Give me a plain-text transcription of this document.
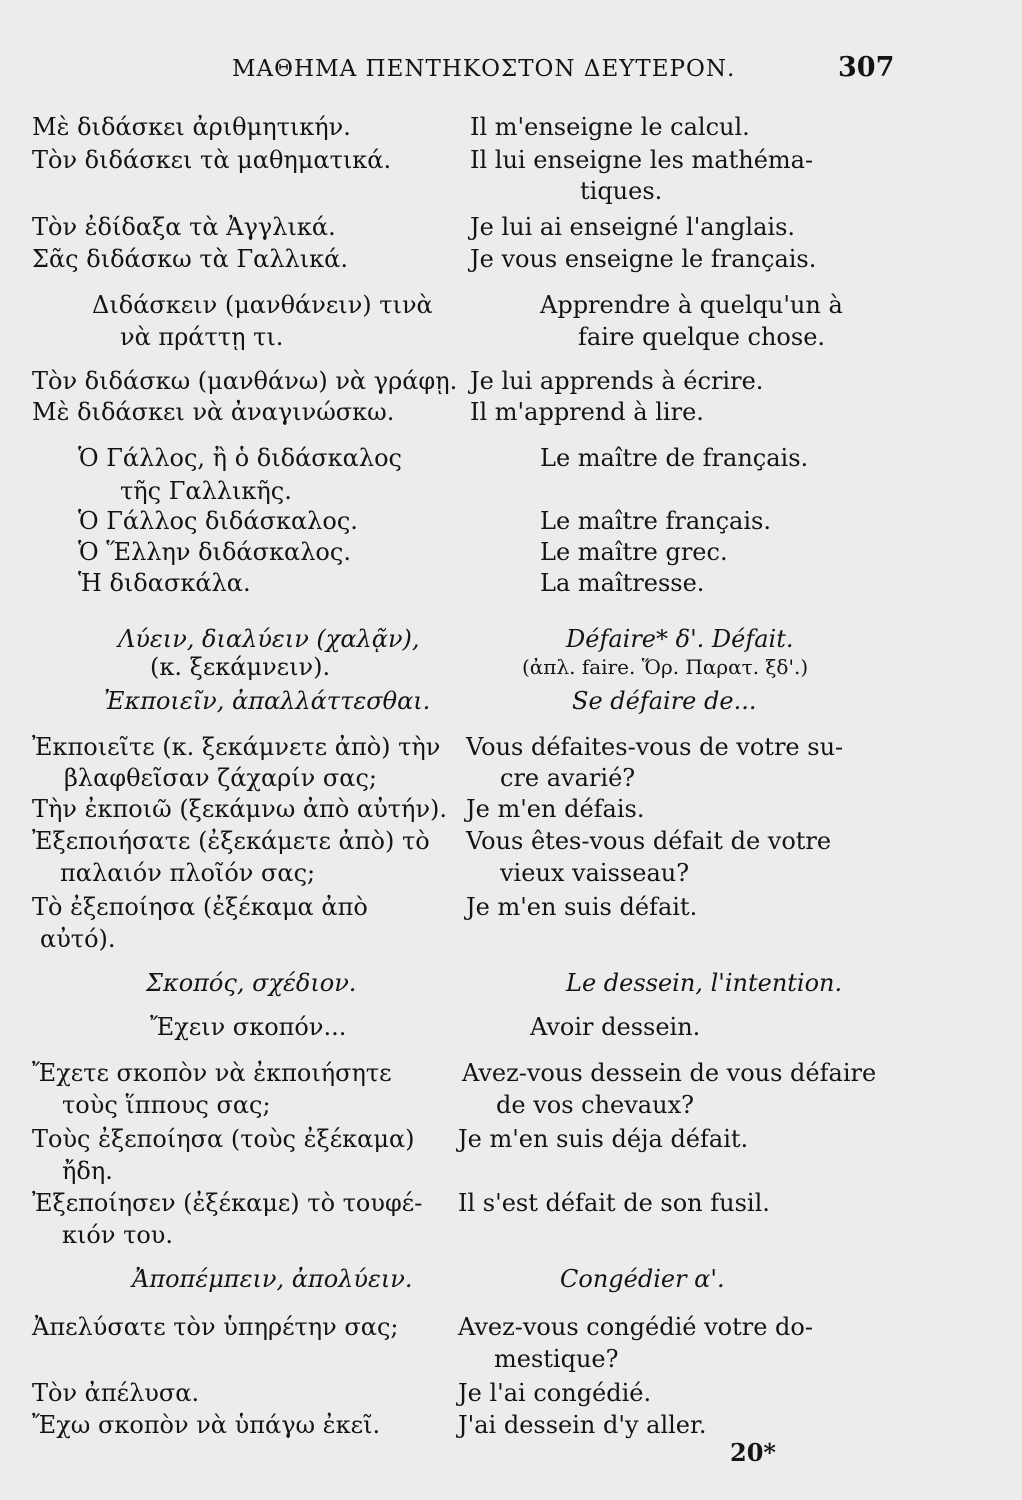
ΜΑΘΗΜΑ ΠΕΝΤΗΚΟΣΤΟΝ ΔΕΥΤΕΡΟΝ.	307
Μὲ διδάσκει ἀριθμητικήν.	Il m'enseigne le calcul.
Τὸν διδάσκει τὰ μαθηματικά.	Il lui enseigne les mathéma-
tiques.
Τὸν ἐδίδαξα τὰ Ἀγγλικά.	Je lui ai enseigné l'anglais.
Σᾶς διδάσκω τὰ Γαλλικά.	Je vous enseigne le français.
Διδάσκειν (μανθάνειν) τινὰ	Apprendre à quelqu'un à
νὰ πράττῃ τι.	faire quelque chose.
Τὸν διδάσκω (μανθάνω) νὰ γράφῃ. Je lui apprends à écrire.
Μὲ διδάσκει νὰ ἀναγινώσκω.	Il m'apprend à lire.
Ὁ Γάλλος, ἢ ὁ διδάσκαλος	Le maître de français.
τῆς Γαλλικῆς.
Ὁ Γάλλος διδάσκαλος.	Le maître français.
Ὁ Ἕλλην διδάσκαλος.	Le maître grec.
Ἡ διδασκάλα.	La maîtresse.
Λύειν, διαλύειν (χαλᾷν),	Défaire* δ'. Défait.
(κ. ξεκάμνειν).	(ἀπλ. faire. Ὅρ. Παρατ. ξδ'.)
Ἐκποιεῖν, ἀπαλλάττεσθαι.	Se défaire de...
Ἐκποιεῖτε (κ. ξεκάμνετε ἀπὸ) τὴν	Vous défaites-vous de votre su-
βλαφθεῖσαν ζάχαρίν σας;	cre avarié?
Τὴν ἐκποιῶ (ξεκάμνω ἀπὸ αὐτήν). Je m'en défais.
Ἐξεποιήσατε (ἐξεκάμετε ἀπὸ) τὸ	Vous êtes-vous défait de votre
παλαιόν πλοῖόν σας;	vieux vaisseau?
Τὸ ἐξεποίησα (ἐξέκαμα ἀπὸ	Je m'en suis défait.
αὐτό).
Σκοπός, σχέδιον.	Le dessein, l'intention.
Ἔχειν σκοπόν...	Avoir dessein.
Ἔχετε σκοπὸν νὰ ἐκποιήσητε	Avez-vous dessein de vous défaire
τοὺς ἵππους σας;	de vos chevaux?
Τοὺς ἐξεποίησα (τοὺς ἐξέκαμα)	Je m'en suis déja défait.
ἤδη.
Ἐξεποίησεν (ἐξέκαμε) τὸ τουφέ-	Il s'est défait de son fusil.
κιόν του.
Ἀποπέμπειν, ἀπολύειν.	Congédier α'.
Ἀπελύσατε τὸν ὑπηρέτην σας;	Avez-vous congédié votre do-
mestique?
Τὸν ἀπέλυσα.	Je l'ai congédié.
Ἔχω σκοπὸν νὰ ὑπάγω ἐκεῖ.	J'ai dessein d'y aller.
20*
